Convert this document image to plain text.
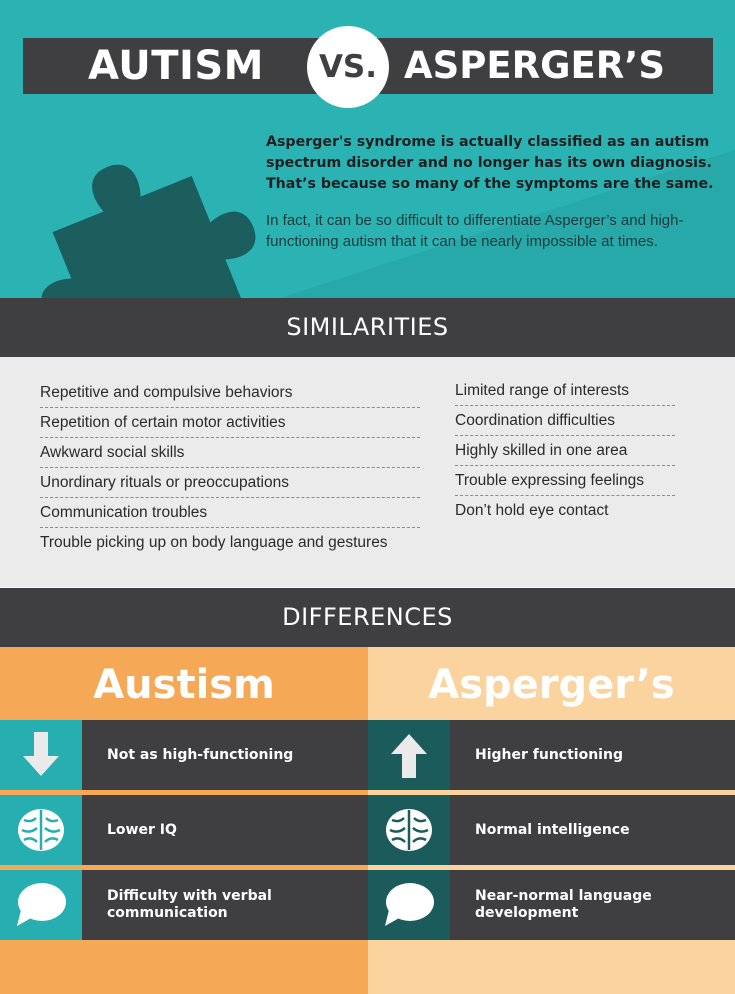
AUTISM	ASPERGER’S
VS.

Asperger's syndrome is actually classified as an autism spectrum disorder and no longer has its own diagnosis. That’s because so many of the symptoms are the same.

In fact, it can be so difficult to differentiate Asperger’s and high-functioning autism that it can be nearly impossible at times.

SIMILARITIES
Repetitive and compulsive behaviors
Repetition of certain motor activities
Awkward social skills
Unordinary rituals or preoccupations
Communication troubles
Trouble picking up on body language and gestures
Limited range of interests
Coordination difficulties
Highly skilled in one area
Trouble expressing feelings
Don’t hold eye contact
DIFFERENCES
Austism	Asperger’s
Not as high-functioning
Lower IQ
Difficulty with verbal communication
Higher functioning
Normal intelligence
Near-normal language development
